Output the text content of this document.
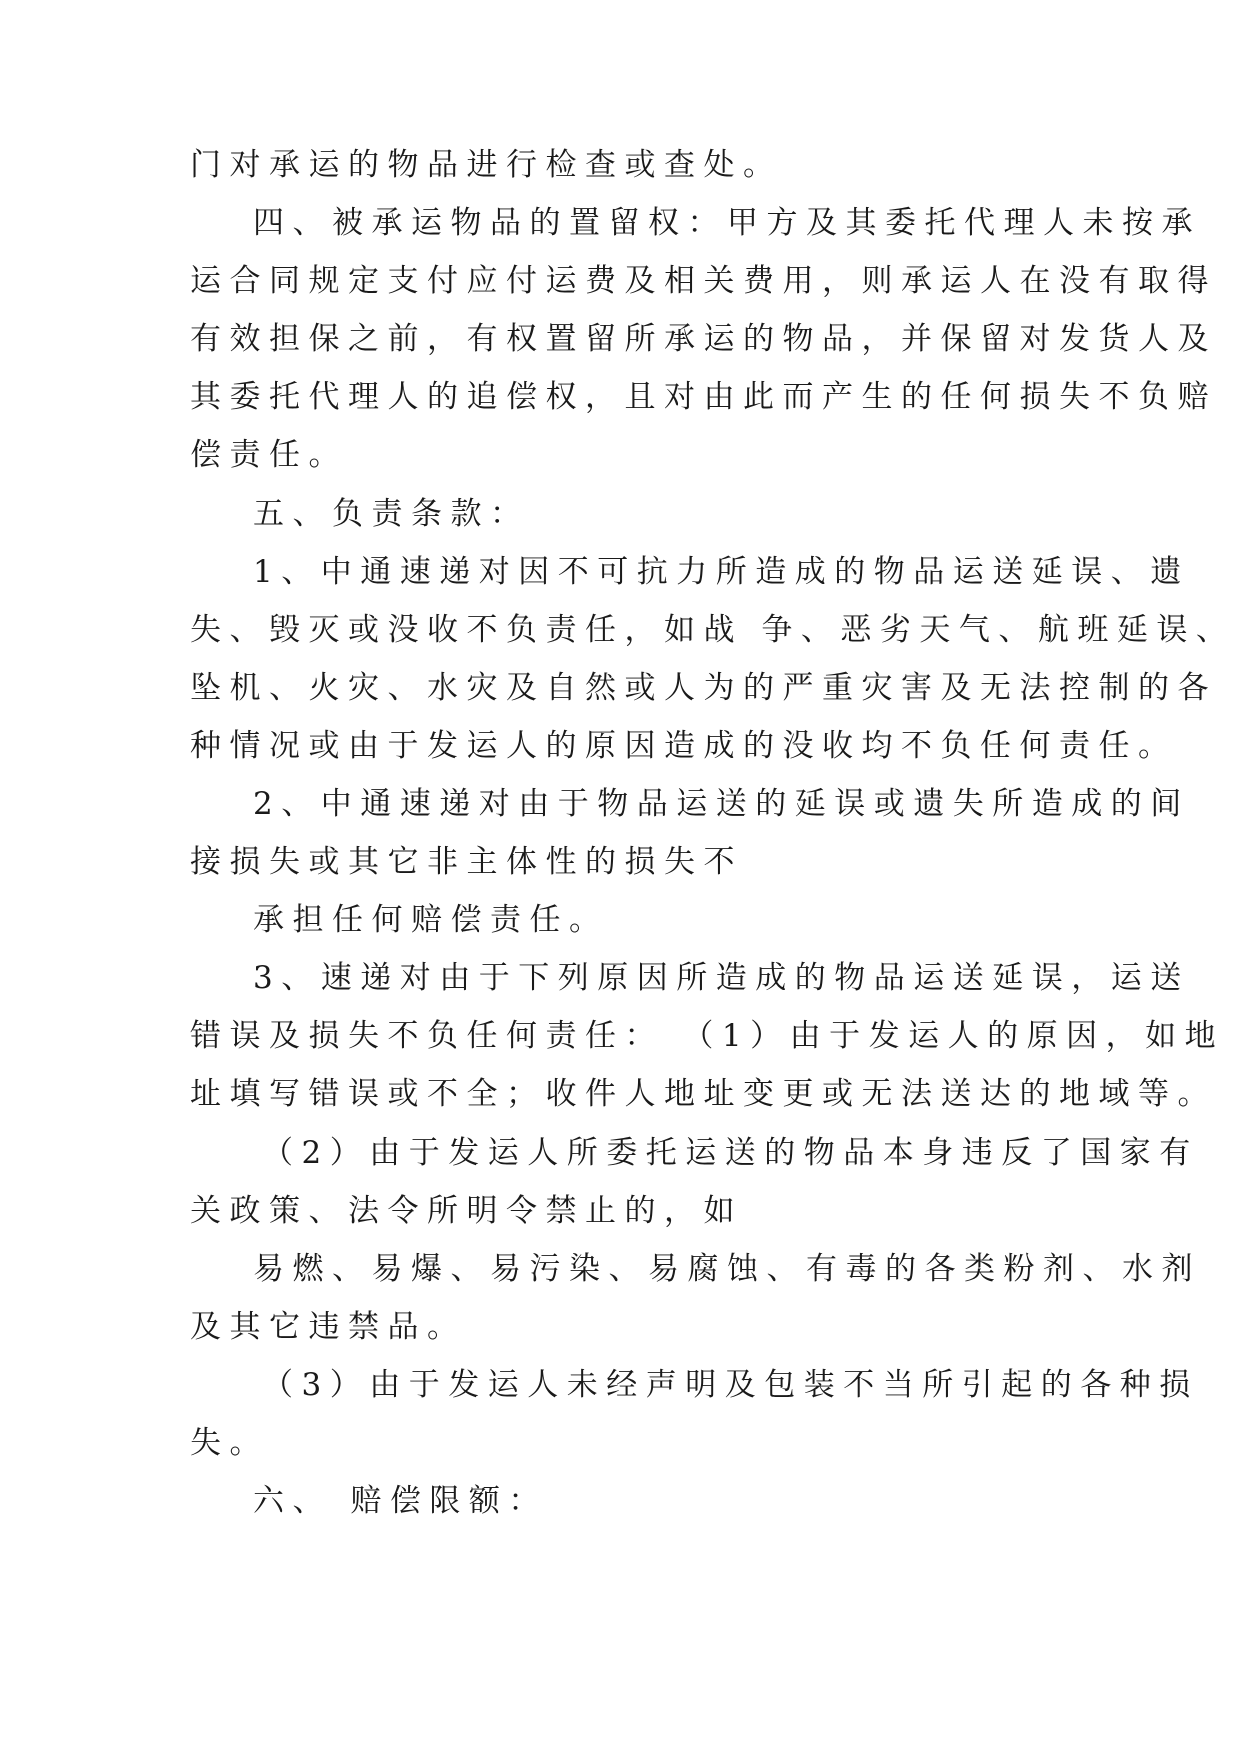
门对承运的物品进行检查或查处。
四、被承运物品的置留权：甲方及其委托代理人未按承
运合同规定支付应付运费及相关费用，则承运人在没有取得
有效担保之前，有权置留所承运的物品，并保留对发货人及
其委托代理人的追偿权，且对由此而产生的任何损失不负赔
偿责任。
五、负责条款：
1、中通速递对因不可抗力所造成的物品运送延误、遗
失、毁灭或没收不负责任，如战 争、恶劣天气、航班延误、
坠机、火灾、水灾及自然或人为的严重灾害及无法控制的各
种情况或由于发运人的原因造成的没收均不负任何责任。
2、中通速递对由于物品运送的延误或遗失所造成的间
接损失或其它非主体性的损失不
承担任何赔偿责任。
3、速递对由于下列原因所造成的物品运送延误，运送
错误及损失不负任何责任： （1）由于发运人的原因，如地
址填写错误或不全；收件人地址变更或无法送达的地域等。
（2）由于发运人所委托运送的物品本身违反了国家有
关政策、法令所明令禁止的，如
易燃、易爆、易污染、易腐蚀、有毒的各类粉剂、水剂
及其它违禁品。
（3）由于发运人未经声明及包装不当所引起的各种损
失。
六、 赔偿限额：
